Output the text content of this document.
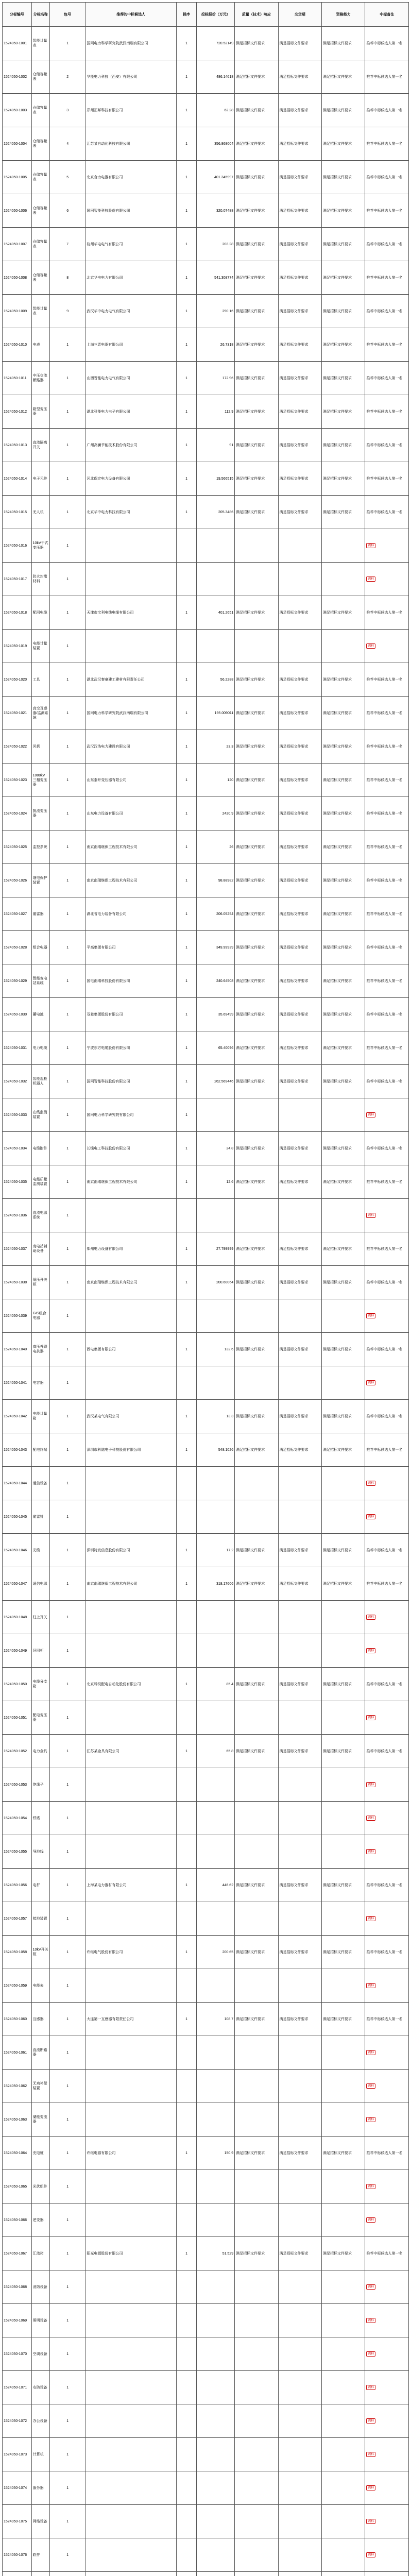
分标编号	分标名称	包号	推荐的中标候选人	排序	投标报价（万元）	质量（技术）响应	交货期	资格能力	中标备注
1524050-1001	智能计量表	1	国网电力科学研究院武汉南瑞有限公司	1	720.52149	满足招标文件要求	满足招标文件要求	满足招标文件要求	推荐中标候选人第一名
1524050-1002	仓储容量表	2	华能电力科技（西安）有限公司	1	486.14618	满足招标文件要求	满足招标文件要求	满足招标文件要求	推荐中标候选人第一名
1524050-1003	仓储容量表	3	郑州正邦科技有限公司	1	62.28	满足招标文件要求	满足招标文件要求	满足招标文件要求	推荐中标候选人第一名
1524050-1004	仓储容量表	4	江苏某自动化科技有限公司	1	356.868004	满足招标文件要求	满足招标文件要求	满足招标文件要求	推荐中标候选人第一名
1524050-1005	仓储容量表	5	北京合力电器有限公司	1	401.345997	满足招标文件要求	满足招标文件要求	满足招标文件要求	推荐中标候选人第一名
1524050-1006	仓储容量表	6	国网智能科技股份有限公司	1	320.07488	满足招标文件要求	满足招标文件要求	满足招标文件要求	推荐中标候选人第一名
1524050-1007	仓储容量表	7	杭州华电电气有限公司	1	203.28	满足招标文件要求	满足招标文件要求	满足招标文件要求	推荐中标候选人第一名
1524050-1008	仓储容量表	8	北京华电电力有限公司	1	541.308774	满足招标文件要求	满足招标文件要求	满足招标文件要求	推荐中标候选人第一名
1524050-1009	智能计量表	9	武汉华中电力电气有限公司	1	290.16	满足招标文件要求	满足招标文件要求	满足招标文件要求	推荐中标候选人第一名
1524050-1010	电表	1	上海三晋电器有限公司	1	26.7318	满足招标文件要求	满足招标文件要求	满足招标文件要求	推荐中标候选人第一名
1524050-1011	中压交流断路器	1	山西晋能电力电气有限公司	1	172.96	满足招标文件要求	满足招标文件要求	满足招标文件要求	推荐中标候选人第一名
1524050-1012	箱型变压器	1	湖北科能电力电子有限公司	1	112.9	满足招标文件要求	满足招标文件要求	满足招标文件要求	推荐中标候选人第一名
1524050-1013	直流隔离开关	1	广州高澜节能技术股份有限公司	1	91	满足招标文件要求	满足招标文件要求	满足招标文件要求	推荐中标候选人第一名
1524050-1014	电子元件	1	河北保定电力设备有限公司	1	19.566515	满足招标文件要求	满足招标文件要求	满足招标文件要求	推荐中标候选人第一名
1524050-1015	无人机	1	北京华中电力科技有限公司	1	205.3486	满足招标文件要求	满足招标文件要求	满足招标文件要求	推荐中标候选人第一名
1524050-1016	10kV干式变压器	1							流标
1524050-1017	防火封堵材料	1							流标
1524050-1018	配网电缆	1	天津市宝利电线电缆有限公司	1	401.2651	满足招标文件要求	满足招标文件要求	满足招标文件要求	推荐中标候选人第一名
1524050-1019	电能计量装置	1							流标
1524050-1020	工具	1	湖北武汉秦豪建工建材有限责任公司	1	56.2288	满足招标文件要求	满足招标文件要求	满足招标文件要求	推荐中标候选人第一名
1524050-1021	真空互感器/监测系统	1	国网电力科学研究院武汉南瑞有限公司	1	195.009011	满足招标文件要求	满足招标文件要求	满足招标文件要求	推荐中标候选人第一名
1524050-1022	风机	1	武汉汉浩电力建设有限公司	1	23.3	满足招标文件要求	满足招标文件要求	满足招标文件要求	推荐中标候选人第一名
1524050-1023	1000kV三相变压器	1	山东泰开变压器有限公司	1	120	满足招标文件要求	满足招标文件要求	满足招标文件要求	推荐中标候选人第一名
1524050-1024	换流变压器	1	山东电力设备有限公司	1	2420.9	满足招标文件要求	满足招标文件要求	满足招标文件要求	推荐中标候选人第一名
1524050-1025	监控系统	1	南京南瑞继保工程技术有限公司	1	26	满足招标文件要求	满足招标文件要求	满足招标文件要求	推荐中标候选人第一名
1524050-1026	继电保护装置	1	南京南瑞继保工程技术有限公司	1	98.88982	满足招标文件要求	满足招标文件要求	满足招标文件要求	推荐中标候选人第一名
1524050-1027	避雷器	1	湖北省电力装备有限公司	1	206.05254	满足招标文件要求	满足招标文件要求	满足招标文件要求	推荐中标候选人第一名
1524050-1028	组合电器	1	平高集团有限公司	1	349.99939	满足招标文件要求	满足招标文件要求	满足招标文件要求	推荐中标候选人第一名
1524050-1029	智能变电站系统	1	国电南瑞科技股份有限公司	1	240.64508	满足招标文件要求	满足招标文件要求	满足招标文件要求	推荐中标候选人第一名
1524050-1030	蓄电池	1	双登集团股份有限公司	1	35.69499	满足招标文件要求	满足招标文件要求	满足招标文件要求	推荐中标候选人第一名
1524050-1031	电力电缆	1	宁波东方电缆股份有限公司	1	65.40096	满足招标文件要求	满足招标文件要求	满足招标文件要求	推荐中标候选人第一名
1524050-1032	智能巡检机器人	1	国网智能科技股份有限公司	1	262.569446	满足招标文件要求	满足招标文件要求	满足招标文件要求	推荐中标候选人第一名
1524050-1033	在线监测装置	1	国网电力科学研究院有限公司	1					流标
1524050-1034	电缆附件	1	长缆电工科技股份有限公司	1	24.8	满足招标文件要求	满足招标文件要求	满足招标文件要求	推荐中标候选人第一名
1524050-1035	电能质量监测装置	1	南京南瑞继保工程技术有限公司	1	12.6	满足招标文件要求	满足招标文件要求	满足招标文件要求	推荐中标候选人第一名
1524050-1036	直流电源系统	1							流标
1524050-1037	变电站辅助设备	1	郑州电力设备有限公司	1	27.799999	满足招标文件要求	满足招标文件要求	满足招标文件要求	推荐中标候选人第一名
1524050-1038	低压开关柜	1	南京南瑞继保工程技术有限公司	1	200.60064	满足招标文件要求	满足招标文件要求	满足招标文件要求	推荐中标候选人第一名
1524050-1039	GIS组合电器	1							流标
1524050-1040	高压并联电抗器	1	西电集团有限公司	1	132.6	满足招标文件要求	满足招标文件要求	满足招标文件要求	推荐中标候选人第一名
1524050-1041	电容器	1							流标
1524050-1042	电能计量箱	1	武汉某电气有限公司	1	13.3	满足招标文件要求	满足招标文件要求	满足招标文件要求	推荐中标候选人第一名
1524050-1043	配电终端	1	深圳市科陆电子科技股份有限公司	1	548.1026	满足招标文件要求	满足招标文件要求	满足招标文件要求	推荐中标候选人第一名
1524050-1044	通信设备	1							流标
1524050-1045	避雷针	1							流标
1524050-1046	光缆	1	深圳特发信息股份有限公司	1	17.2	满足招标文件要求	满足招标文件要求	满足招标文件要求	推荐中标候选人第一名
1524050-1047	通信电源	1	南京南瑞继保工程技术有限公司	1	318.17606	满足招标文件要求	满足招标文件要求	满足招标文件要求	推荐中标候选人第一名
1524050-1048	柱上开关	1							流标
1524050-1049	环网柜	1							流标
1524050-1050	电缆分支箱	1	北京科锐配电自动化股份有限公司	1	85.4	满足招标文件要求	满足招标文件要求	满足招标文件要求	推荐中标候选人第一名
1524050-1051	配电变压器	1							流标
1524050-1052	电力金具	1	江苏某金具有限公司	1	65.8	满足招标文件要求	满足招标文件要求	满足招标文件要求	推荐中标候选人第一名
1524050-1053	绝缘子	1							流标
1524050-1054	铁塔	1							流标
1524050-1055	导地线	1							流标
1524050-1056	电杆	1	上海某电力器材有限公司	1	446.62	满足招标文件要求	满足招标文件要求	满足招标文件要求	推荐中标候选人第一名
1524050-1057	接地装置	1							流标
1524050-1058	10kV开关柜	1	许继电气股份有限公司	1	200.65	满足招标文件要求	满足招标文件要求	满足招标文件要求	推荐中标候选人第一名
1524050-1059	电能表	1							流标
1524050-1060	互感器	1	大连第一互感器有限责任公司	1	108.7	满足招标文件要求	满足招标文件要求	满足招标文件要求	推荐中标候选人第一名
1524050-1061	直流断路器	1							流标
1524050-1062	无功补偿装置	1							流标
1524050-1063	储能变流器	1							流标
1524050-1064	充电桩	1	许继电源有限公司	1	150.9	满足招标文件要求	满足招标文件要求	满足招标文件要求	推荐中标候选人第一名
1524050-1065	光伏组件	1							流标
1524050-1066	逆变器	1							流标
1524050-1067	汇流箱	1	阳光电源股份有限公司	1	51.529	满足招标文件要求	满足招标文件要求	满足招标文件要求	推荐中标候选人第一名
1524050-1068	消防设备	1							流标
1524050-1069	照明设备	1							流标
1524050-1070	空调设备	1							流标
1524050-1071	安防设备	1							流标
1524050-1072	办公设备	1							流标
1524050-1073	计算机	1							流标
1524050-1074	服务器	1							流标
1524050-1075	网络设备	1							流标
1524050-1076	软件	1							流标
